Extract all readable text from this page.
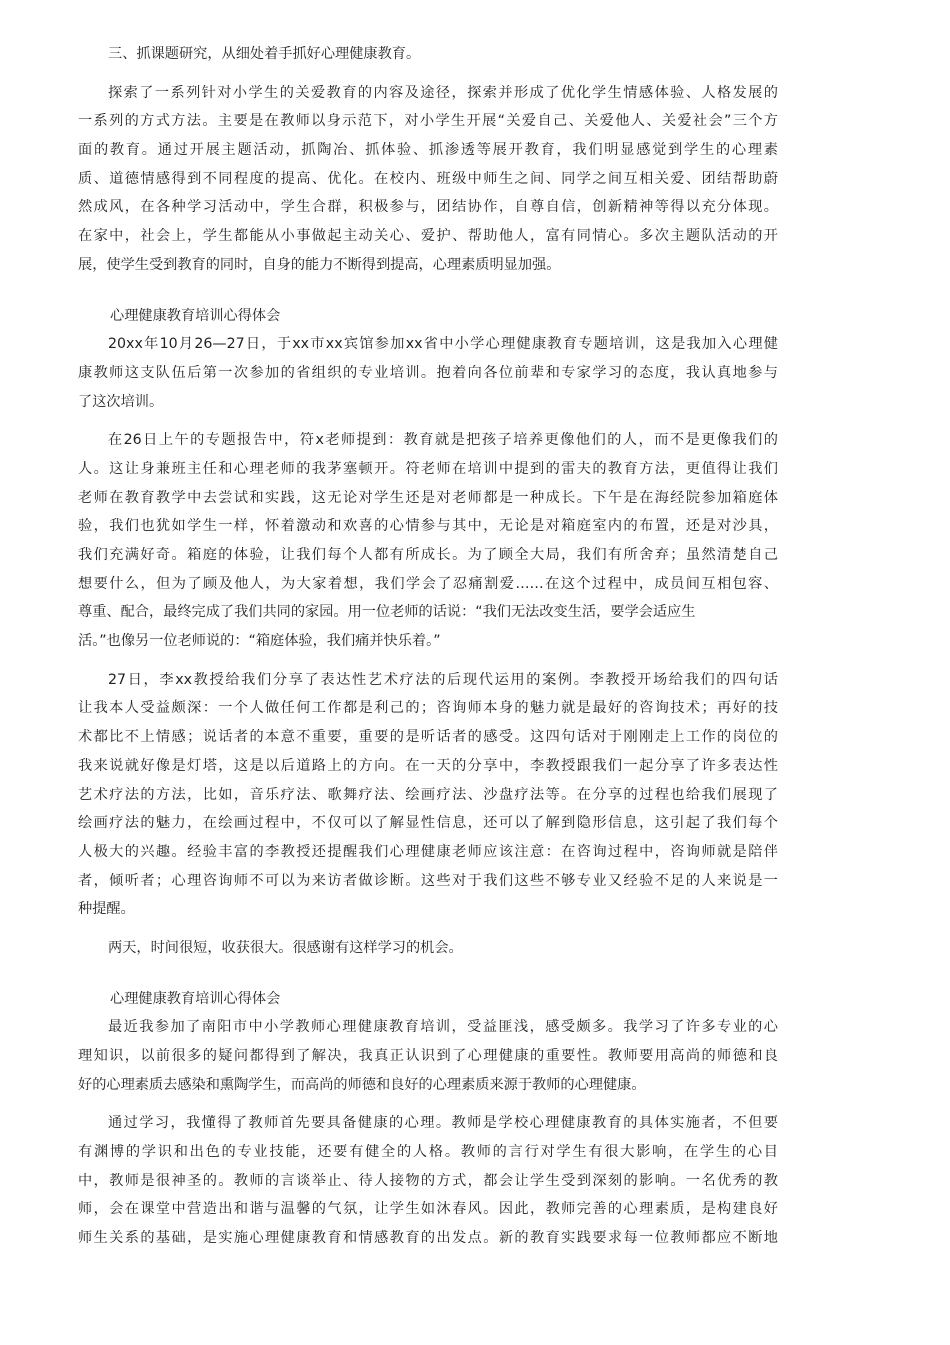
三、抓课题研究，从细处着手抓好心理健康教育。
探索了一系列针对小学生的关爱教育的内容及途径，探索并形成了优化学生情感体验、人格发展的
一系列的方式方法。主要是在教师以身示范下，对小学生开展“关爱自己、关爱他人、关爱社会”三个方
面的教育。通过开展主题活动，抓陶冶、抓体验、抓渗透等展开教育，我们明显感觉到学生的心理素
质、道德情感得到不同程度的提高、优化。在校内、班级中师生之间、同学之间互相关爱、团结帮助蔚
然成风，在各种学习活动中，学生合群，积极参与，团结协作，自尊自信，创新精神等得以充分体现。
在家中，社会上，学生都能从小事做起主动关心、爱护、帮助他人，富有同情心。多次主题队活动的开
展，使学生受到教育的同时，自身的能力不断得到提高，心理素质明显加强。
心理健康教育培训心得体会
20xx年10月26—27日，于xx市xx宾馆参加xx省中小学心理健康教育专题培训，这是我加入心理健
康教师这支队伍后第一次参加的省组织的专业培训。抱着向各位前辈和专家学习的态度，我认真地参与
了这次培训。
在26日上午的专题报告中，符x老师提到：教育就是把孩子培养更像他们的人，而不是更像我们的
人。这让身兼班主任和心理老师的我茅塞顿开。符老师在培训中提到的雷夫的教育方法，更值得让我们
老师在教育教学中去尝试和实践，这无论对学生还是对老师都是一种成长。下午是在海经院参加箱庭体
验，我们也犹如学生一样，怀着激动和欢喜的心情参与其中，无论是对箱庭室内的布置，还是对沙具，
我们充满好奇。箱庭的体验，让我们每个人都有所成长。为了顾全大局，我们有所舍弃；虽然清楚自己
想要什么，但为了顾及他人，为大家着想，我们学会了忍痛割爱……在这个过程中，成员间互相包容、
尊重、配合，最终完成了我们共同的家园。用一位老师的话说：“我们无法改变生活，要学会适应生
活。”也像另一位老师说的：“箱庭体验，我们痛并快乐着。”
27日，李xx教授给我们分享了表达性艺术疗法的后现代运用的案例。李教授开场给我们的四句话
让我本人受益颇深：一个人做任何工作都是利己的；咨询师本身的魅力就是最好的咨询技术；再好的技
术都比不上情感；说话者的本意不重要，重要的是听话者的感受。这四句话对于刚刚走上工作的岗位的
我来说就好像是灯塔，这是以后道路上的方向。在一天的分享中，李教授跟我们一起分享了许多表达性
艺术疗法的方法，比如，音乐疗法、歌舞疗法、绘画疗法、沙盘疗法等。在分享的过程也给我们展现了
绘画疗法的魅力，在绘画过程中，不仅可以了解显性信息，还可以了解到隐形信息，这引起了我们每个
人极大的兴趣。经验丰富的李教授还提醒我们心理健康老师应该注意：在咨询过程中，咨询师就是陪伴
者，倾听者；心理咨询师不可以为来访者做诊断。这些对于我们这些不够专业又经验不足的人来说是一
种提醒。
两天，时间很短，收获很大。很感谢有这样学习的机会。
心理健康教育培训心得体会
最近我参加了南阳市中小学教师心理健康教育培训，受益匪浅，感受颇多。我学习了许多专业的心
理知识，以前很多的疑问都得到了解决，我真正认识到了心理健康的重要性。教师要用高尚的师德和良
好的心理素质去感染和熏陶学生，而高尚的师德和良好的心理素质来源于教师的心理健康。
通过学习，我懂得了教师首先要具备健康的心理。教师是学校心理健康教育的具体实施者，不但要
有渊博的学识和出色的专业技能，还要有健全的人格。教师的言行对学生有很大影响，在学生的心目
中，教师是很神圣的。教师的言谈举止、待人接物的方式，都会让学生受到深刻的影响。一名优秀的教
师，会在课堂中营造出和谐与温馨的气氛，让学生如沐春风。因此，教师完善的心理素质，是构建良好
师生关系的基础，是实施心理健康教育和情感教育的出发点。新的教育实践要求每一位教师都应不断地
